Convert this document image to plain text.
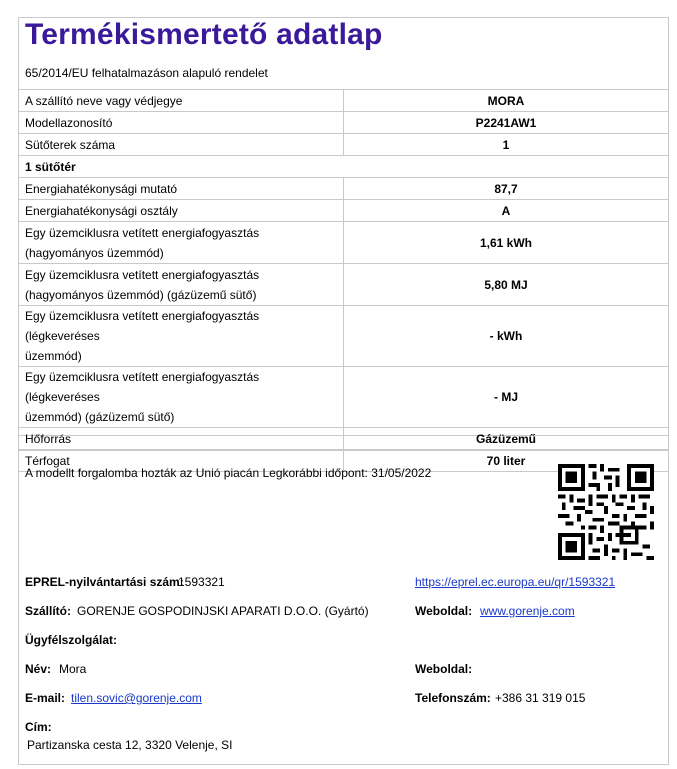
Termékismertető adatlap
65/2014/EU felhatalmazáson alapuló rendelet
A szállító neve vagy védjegye	MORA
Modellazonosító	P2241AW1
Sütőterek száma	1
1 sütőtér	
Energiahatékonysági mutató	87,7
Energiahatékonysági osztály	A
Egy üzemciklusra vetített energiafogyasztás
(hagyományos üzemmód)	1,61 kWh
Egy üzemciklusra vetített energiafogyasztás
(hagyományos üzemmód) (gázüzemű sütő)	5,80 MJ
Egy üzemciklusra vetített energiafogyasztás (légkeveréses
üzemmód)	- kWh
Egy üzemciklusra vetített energiafogyasztás (légkeveréses
üzemmód) (gázüzemű sütő)	- MJ
Hőforrás	Gázüzemű
Térfogat	70 liter
A modellt forgalomba hozták az Unió piacán Legkorábbi időpont: 31/05/2022
EPREL-nyilvántartási szám:
1593321	https://eprel.ec.europa.eu/qr/1593321
Szállító: GORENJE GOSPODINJSKI APARATI D.O.O. (Gyártó)	Weboldal: www.gorenje.com
Ügyfélszolgálat:
Név: Mora	Weboldal:
E-mail: tilen.sovic@gorenje.com	Telefonszám: +386 31 319 015
Cím:
Partizanska cesta 12, 3320 Velenje, SI
